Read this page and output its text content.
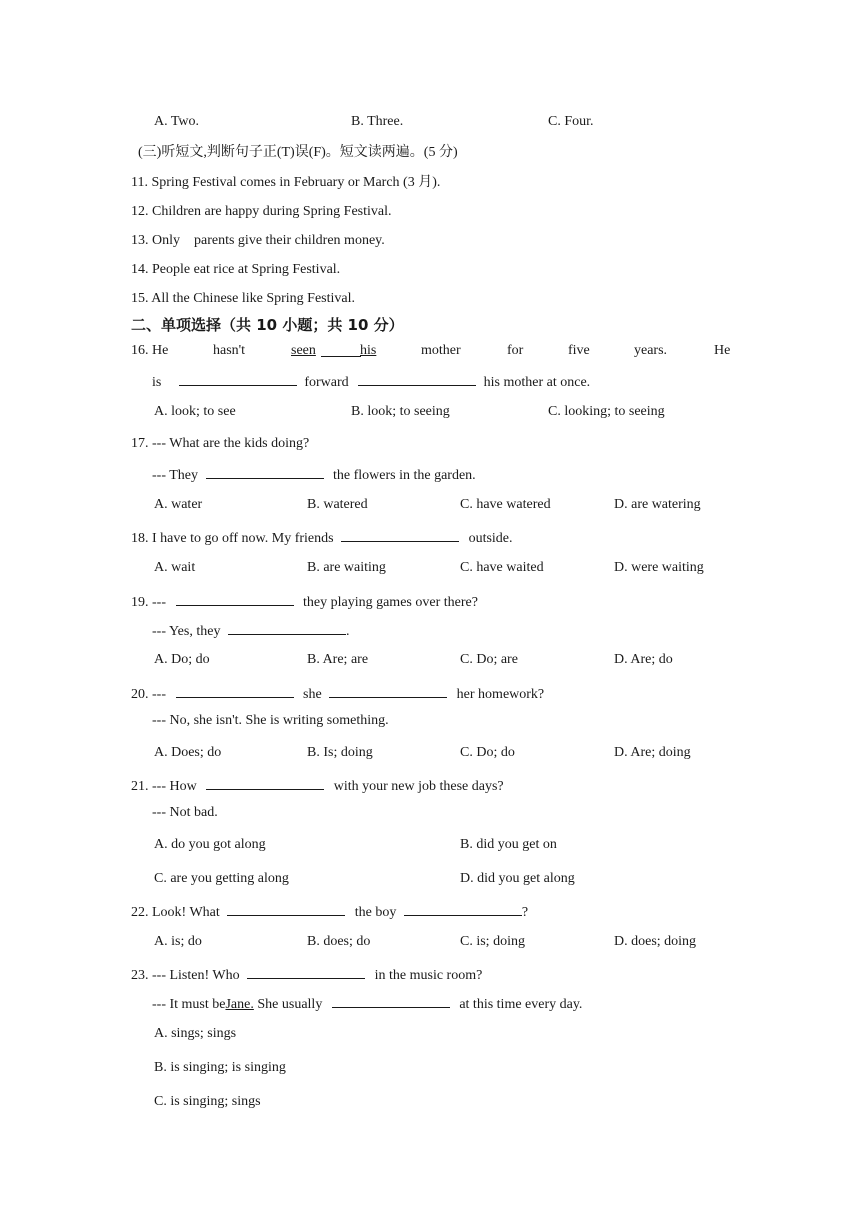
A. Two.	B. Three.	C. Four.
(三)听短文,判断句子正(T)误(F)。短文读两遍。(5 分)
11. Spring Festival comes in February or March (3 月).
12. Children are happy during Spring Festival.
13. Only　parents give their children money.
14. People eat rice at Spring Festival.
15. All the Chinese like Spring Festival.
二、单项选择（共 10 小题；共 10 分）
16. He	hasn't	seen	his	mother	for	five	years.	He
is	forward	his mother at once.
A. look; to see	B. look; to seeing	C. looking; to seeing
17. --- What are the kids doing?
--- They	the flowers in the garden.
A. water	B. watered	C. have watered	D. are watering
18. I have to go off now. My friends	outside.
A. wait	B. are waiting	C. have waited	D. were waiting
19. ---	they playing games over there?
--- Yes, they	.
A. Do; do	B. Are; are	C. Do; are	D. Are; do
20. ---	she	her homework?
--- No, she isn't. She is writing something.
A. Does; do	B. Is; doing	C. Do; do	D. Are; doing
21. --- How	with your new job these days?
--- Not bad.
A. do you got along	B. did you get on
C. are you getting along	D. did you get along
22. Look! What	the boy	?
A. is; do	B. does; do	C. is; doing	D. does; doing
23. --- Listen! Who	in the music room?
--- It must beJane. She usually	at this time every day.
A. sings; sings
B. is singing; is singing
C. is singing; sings
